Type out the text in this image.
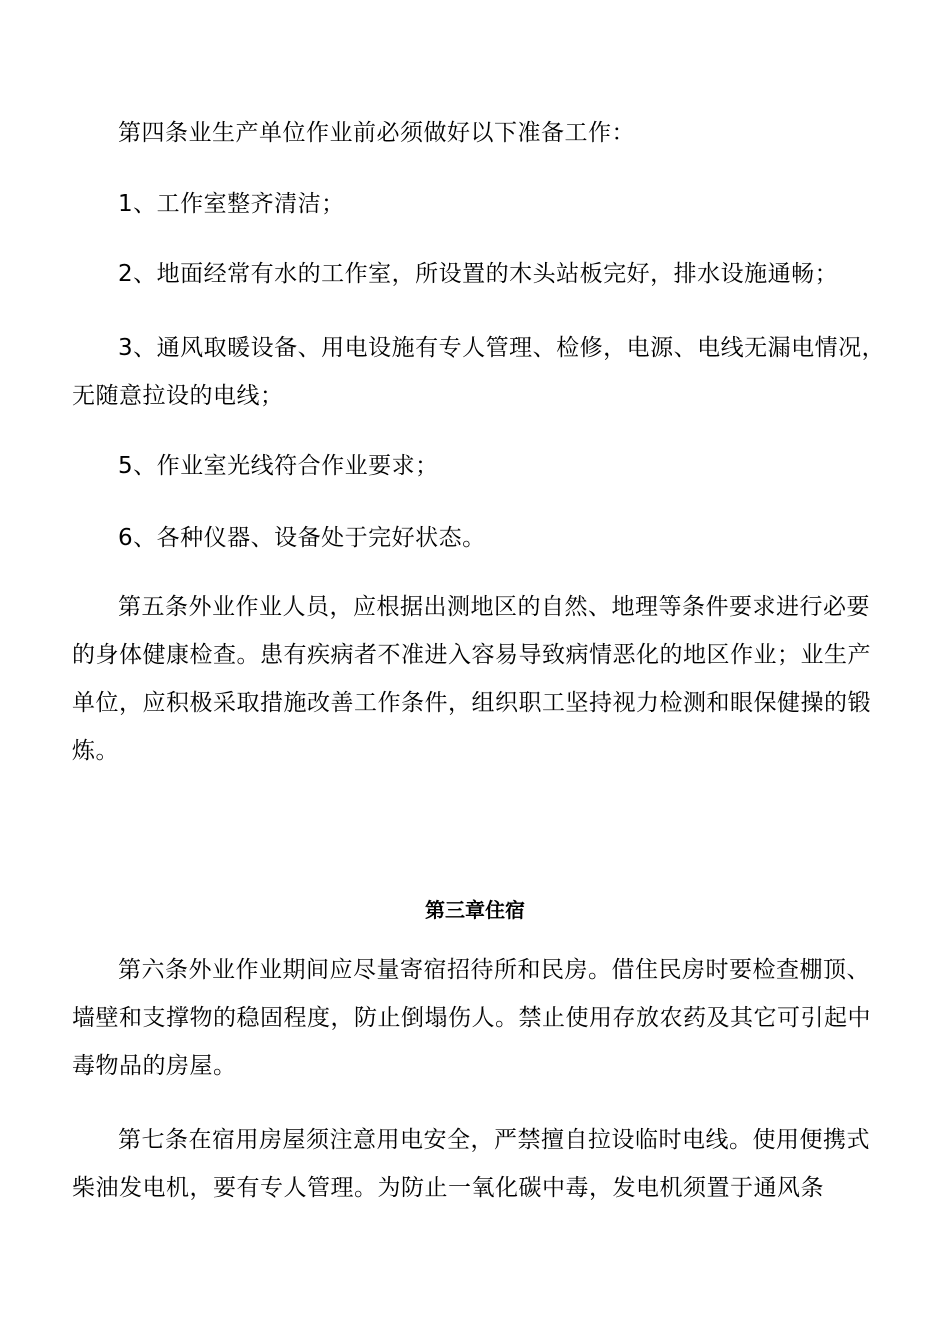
第四条业生产单位作业前必须做好以下准备工作：

1、工作室整齐清洁；

2、地面经常有水的工作室，所设置的木头站板完好，排水设施通畅；

3、通风取暖设备、用电设施有专人管理、检修，电源、电线无漏电情况，无随意拉设的电线；

5、作业室光线符合作业要求；

6、各种仪器、设备处于完好状态。

第五条外业作业人员，应根据出测地区的自然、地理等条件要求进行必要的身体健康检查。患有疾病者不准进入容易导致病情恶化的地区作业；业生产单位，应积极采取措施改善工作条件，组织职工坚持视力检测和眼保健操的锻炼。

第三章住宿

第六条外业作业期间应尽量寄宿招待所和民房。借住民房时要检查棚顶、墙壁和支撑物的稳固程度，防止倒塌伤人。禁止使用存放农药及其它可引起中毒物品的房屋。

第七条在宿用房屋须注意用电安全，严禁擅自拉设临时电线。使用便携式柴油发电机，要有专人管理。为防止一氧化碳中毒，发电机须置于通风条
